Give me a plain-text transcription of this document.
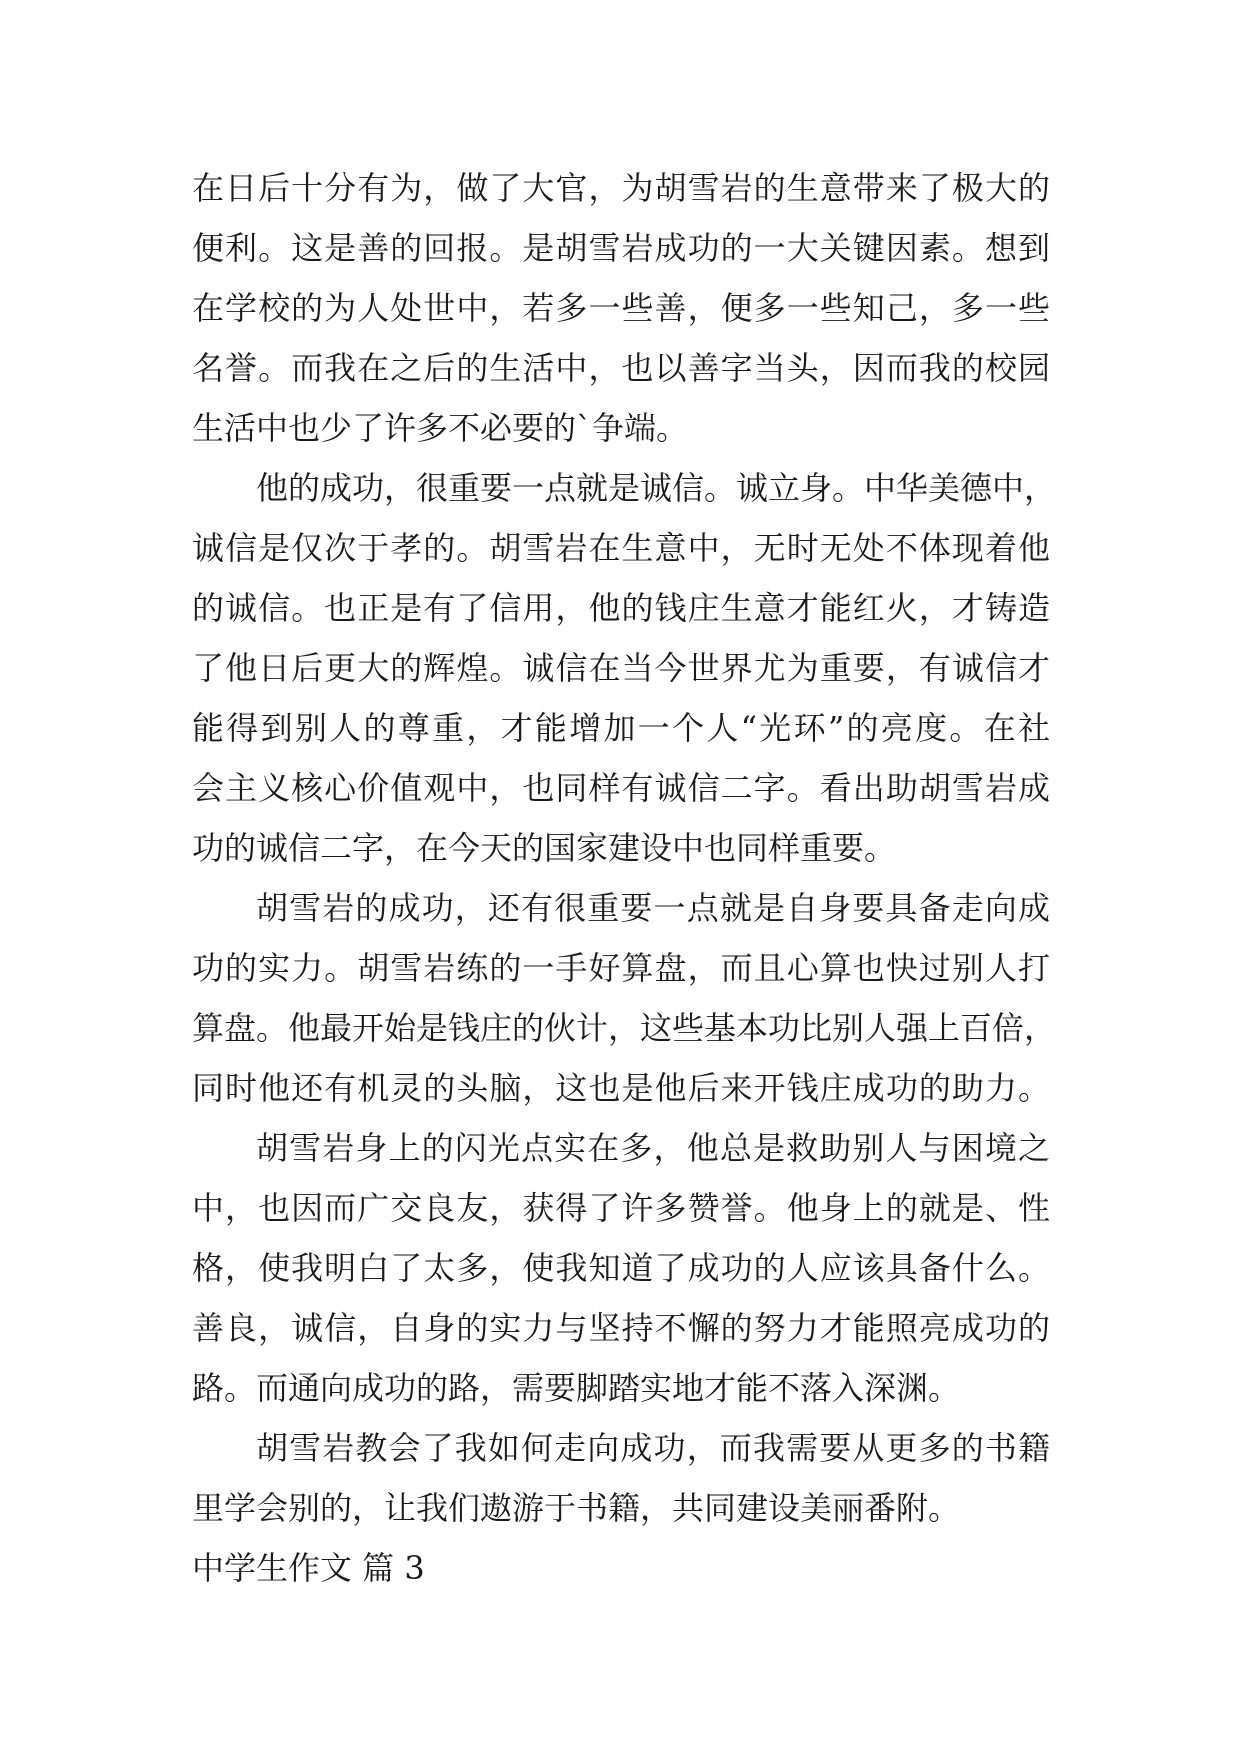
在日后十分有为，做了大官，为胡雪岩的生意带来了极大的
便利。这是善的回报。是胡雪岩成功的一大关键因素。想到
在学校的为人处世中，若多一些善，便多一些知己，多一些
名誉。而我在之后的生活中，也以善字当头，因而我的校园
生活中也少了许多不必要的`争端。
他的成功，很重要一点就是诚信。诚立身。中华美德中，
诚信是仅次于孝的。胡雪岩在生意中，无时无处不体现着他
的诚信。也正是有了信用，他的钱庄生意才能红火，才铸造
了他日后更大的辉煌。诚信在当今世界尤为重要，有诚信才
能得到别人的尊重，才能增加一个人“光环”的亮度。在社
会主义核心价值观中，也同样有诚信二字。看出助胡雪岩成
功的诚信二字，在今天的国家建设中也同样重要。
胡雪岩的成功，还有很重要一点就是自身要具备走向成
功的实力。胡雪岩练的一手好算盘，而且心算也快过别人打
算盘。他最开始是钱庄的伙计，这些基本功比别人强上百倍，
同时他还有机灵的头脑，这也是他后来开钱庄成功的助力。
胡雪岩身上的闪光点实在多，他总是救助别人与困境之
中，也因而广交良友，获得了许多赞誉。他身上的就是、性
格，使我明白了太多，使我知道了成功的人应该具备什么。
善良，诚信，自身的实力与坚持不懈的努力才能照亮成功的
路。而通向成功的路，需要脚踏实地才能不落入深渊。
胡雪岩教会了我如何走向成功，而我需要从更多的书籍
里学会别的，让我们遨游于书籍，共同建设美丽番附。
中学生作文 篇 3
